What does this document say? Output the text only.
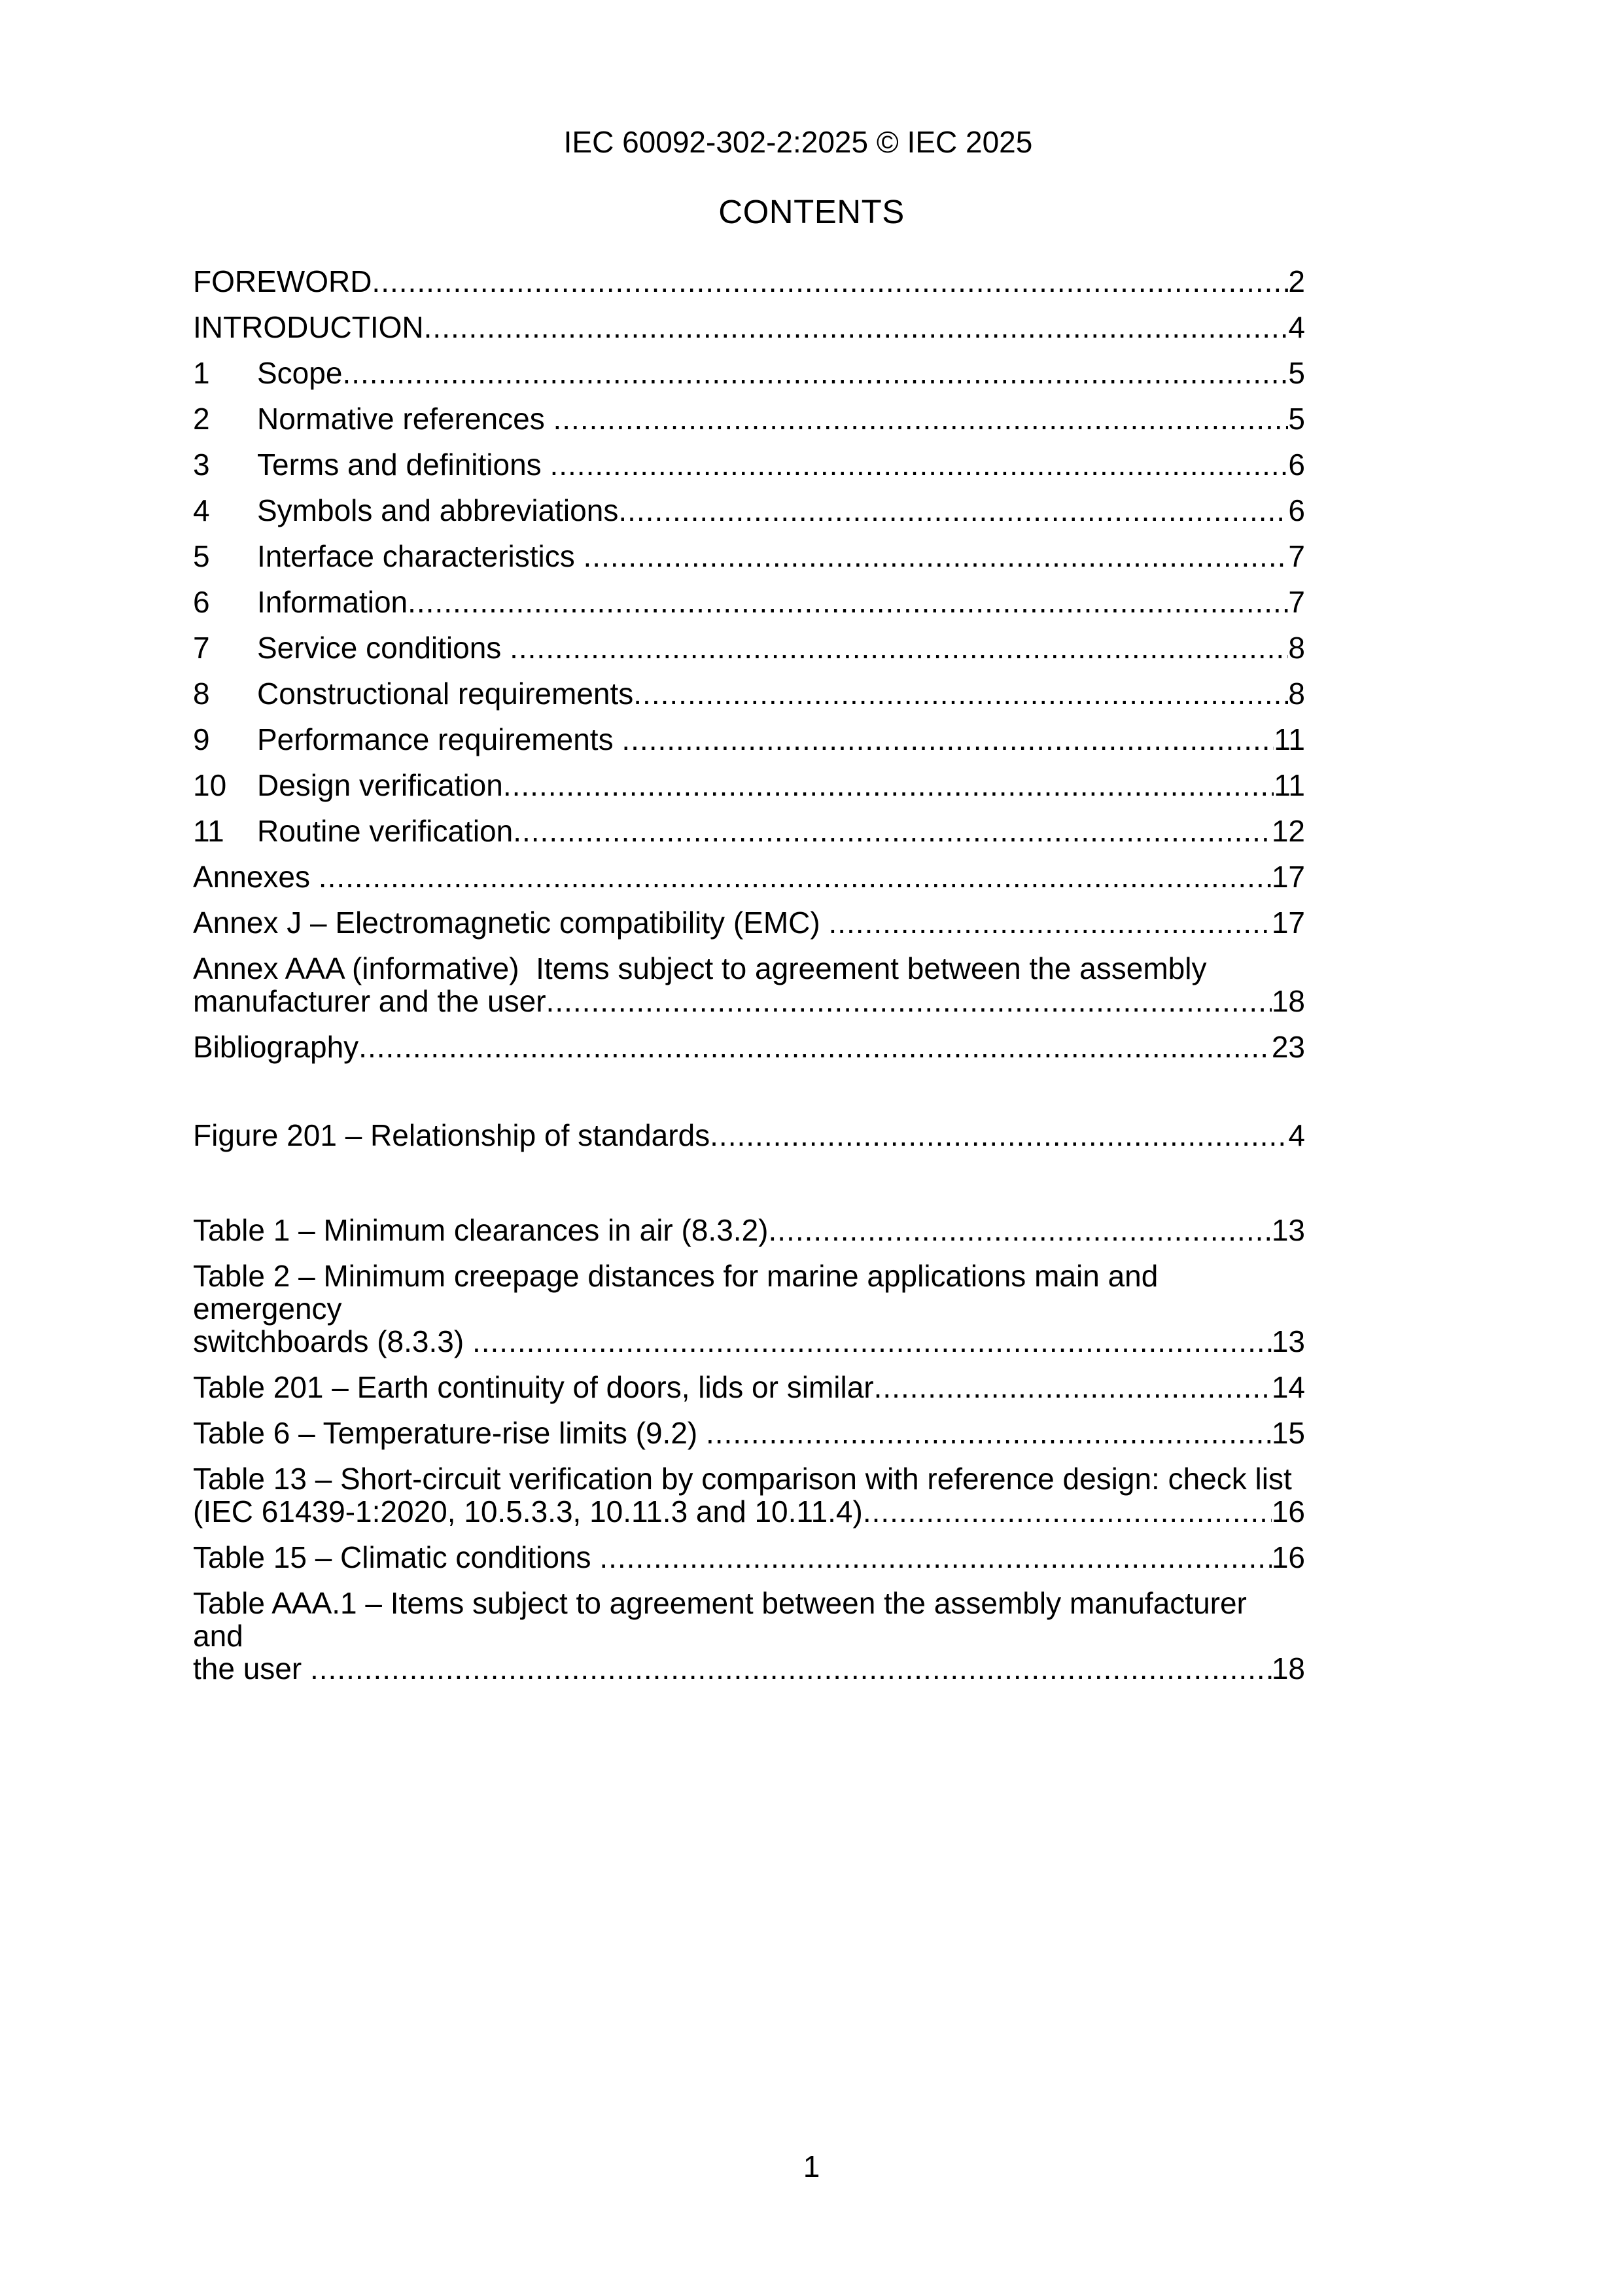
IEC 60092-302-2:2025 © IEC 2025
CONTENTS
FOREWORD .....	2
INTRODUCTION .....	4
1	Scope .....	5
2	Normative references .....	5
3	Terms and definitions .....	6
4	Symbols and abbreviations .....	6
5	Interface characteristics .....	7
6	Information .....	7
7	Service conditions .....	8
8	Constructional requirements .....	8
9	Performance requirements .....	11
10	Design verification .....	11
11	Routine verification .....	12
Annexes .....	17
Annex J – Electromagnetic compatibility (EMC) .....	17
Annex AAA (informative)  Items subject to agreement between the assembly
manufacturer and the user .....	18
Bibliography .....	23
Figure 201 – Relationship of standards .....	4
Table 1 – Minimum clearances in air (8.3.2) .....	13
Table 2 – Minimum creepage distances for marine applications main and emergency
switchboards (8.3.3) .....	13
Table 201 – Earth continuity of doors, lids or similar .....	14
Table 6 – Temperature-rise limits (9.2) .....	15
Table 13 – Short-circuit verification by comparison with reference design: check list
(IEC 61439-1:2020, 10.5.3.3, 10.11.3 and 10.11.4) .....	16
Table 15 – Climatic conditions .....	16
Table AAA.1 – Items subject to agreement between the assembly manufacturer and
the user .....	18
1
